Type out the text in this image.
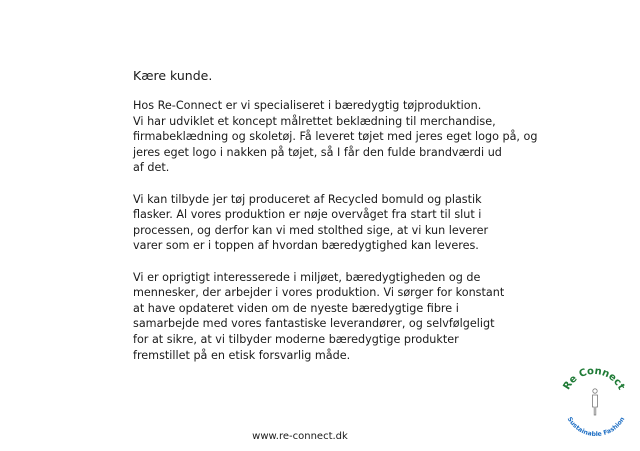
Kære kunde.

Hos Re-Connect er vi specialiseret i bæredygtig tøjproduktion.

Vi har udviklet et koncept målrettet beklædning til merchandise,

firmabeklædning og skoletøj. Få leveret tøjet med jeres eget logo på, og

jeres eget logo i nakken på tøjet, så I får den fulde brandværdi ud

af det.

Vi kan tilbyde jer tøj produceret af Recycled bomuld og plastik

flasker. Al vores produktion er nøje overvåget fra start til slut i

processen, og derfor kan vi med stolthed sige, at vi kun leverer

varer som er i toppen af hvordan bæredygtighed kan leveres.

Vi er oprigtigt interesserede i miljøet, bæredygtigheden og de

mennesker, der arbejder i vores produktion. Vi sørger for konstant

at have opdateret viden om de nyeste bæredygtige fibre i

samarbejde med vores fantastiske leverandører, og selvfølgeligt

for at sikre, at vi tilbyder moderne bæredygtige produkter

fremstillet på en etisk forsvarlig måde.

Re Connect
Sustainable Fashion
www.re-connect.dk
